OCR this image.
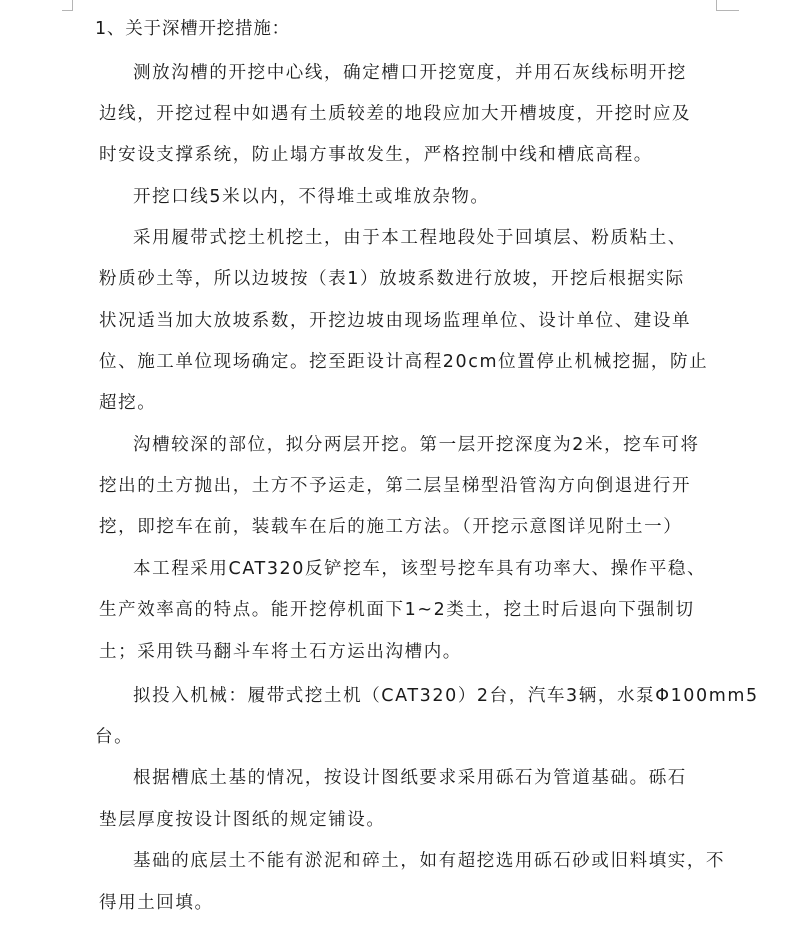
1、关于深槽开挖措施：
测放沟槽的开挖中心线，确定槽口开挖宽度，并用石灰线标明开挖
边线，开挖过程中如遇有土质较差的地段应加大开槽坡度，开挖时应及
时安设支撑系统，防止塌方事故发生，严格控制中线和槽底高程。
开挖口线5米以内，不得堆土或堆放杂物。
采用履带式挖土机挖土，由于本工程地段处于回填层、粉质粘土、
粉质砂土等，所以边坡按（表1）放坡系数进行放坡，开挖后根据实际
状况适当加大放坡系数，开挖边坡由现场监理单位、设计单位、建设单
位、施工单位现场确定。挖至距设计高程20cm位置停止机械挖掘，防止
超挖。
沟槽较深的部位，拟分两层开挖。第一层开挖深度为2米，挖车可将
挖出的土方抛出，土方不予运走，第二层呈梯型沿管沟方向倒退进行开
挖，即挖车在前，装载车在后的施工方法。（开挖示意图详见附土一）
本工程采用CAT320反铲挖车，该型号挖车具有功率大、操作平稳、
生产效率高的特点。能开挖停机面下1~2类土，挖土时后退向下强制切
土；采用铁马翻斗车将土石方运出沟槽内。
拟投入机械：履带式挖土机（CAT320）2台，汽车3辆，水泵Φ100mm5
台。
根据槽底土基的情况，按设计图纸要求采用砾石为管道基础。砾石
垫层厚度按设计图纸的规定铺设。
基础的底层土不能有淤泥和碎土，如有超挖选用砾石砂或旧料填实，不
得用土回填。
